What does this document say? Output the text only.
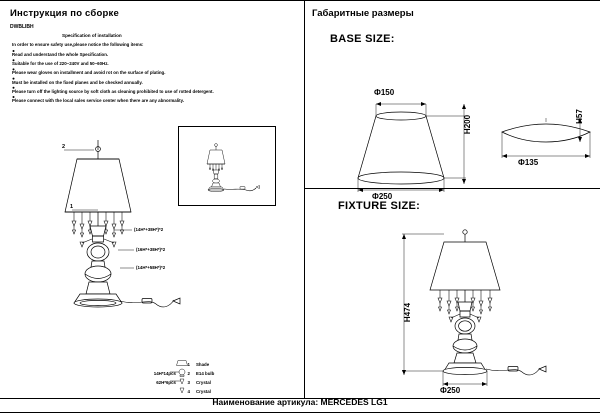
Инструкция по сборке
DWBLIBH
Specification of installation
In order to ensure safety use,please notice the following items:
Read and understand the whole Specification.
Suitable for the use of 220~240V and 50~60Hz.
Please wear gloves on installment and avoid rot on the surface of plating.
Must be installed on the fixed planes and be checked annually.
Please turn off the lighting source by soft cloth as cleaning prohibited to use of rotted detergent.
Please connect with the local sales service center when there are any abnormality.
2
1
(14H*+38H*)*2
(16H*+38H*)*2
(14H*+58H*)*2
14H*14pcs
62H*6pcs
1 Shade
2 E14 bulb
3 Crystal
4 Crystal
Габаритные размеры
BASE SIZE:
FIXTURE SIZE:
Ф150
Ф250
H200	H57
Ф135
H474
Ф250
Наименование артикула: MERCEDES LG1
